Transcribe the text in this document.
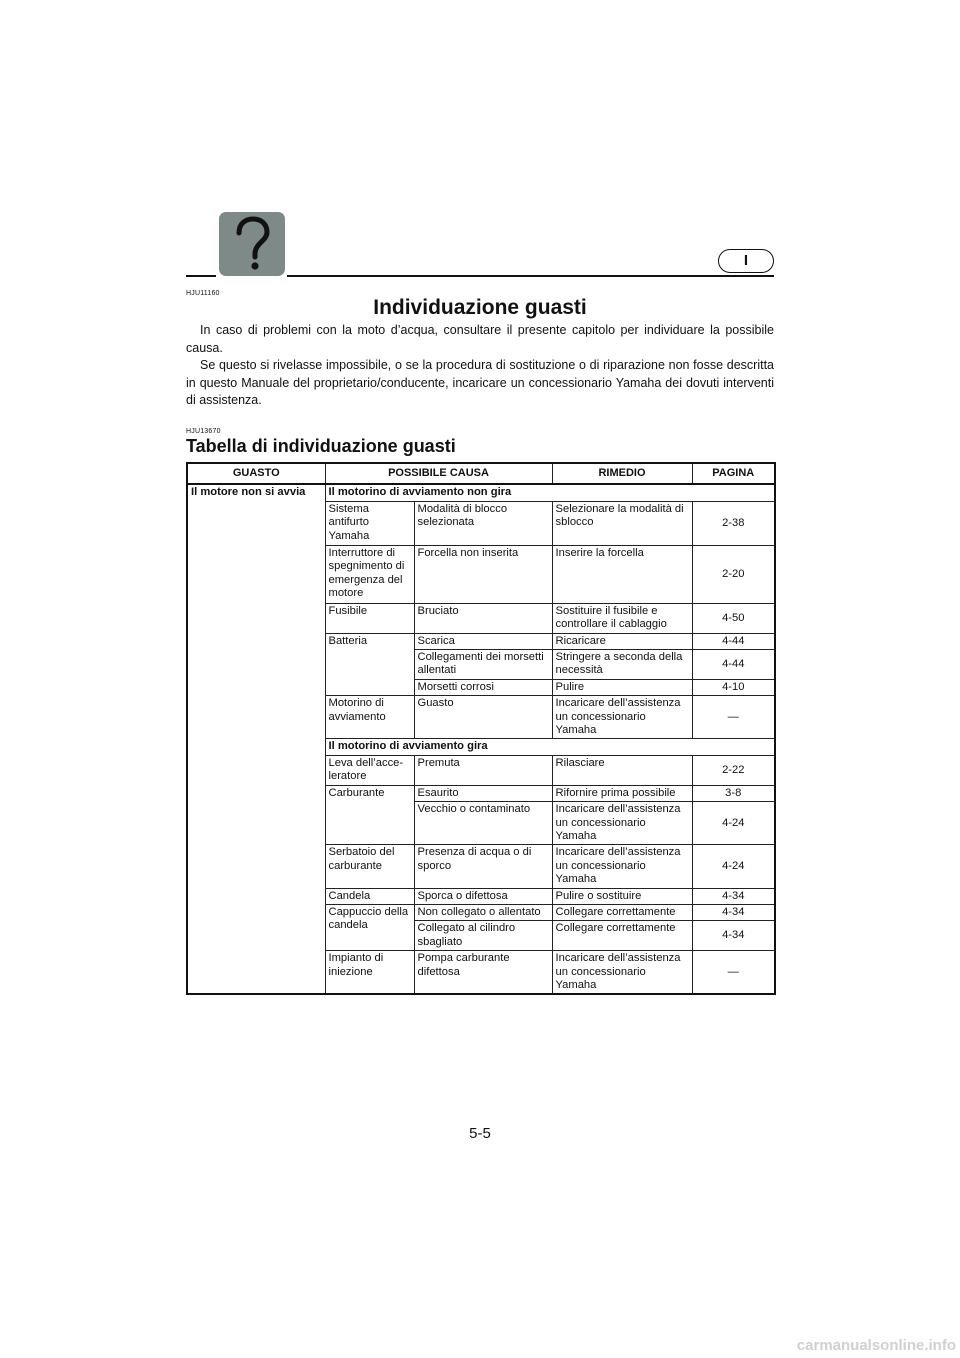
I
HJU11160
Individuazione guasti

In caso di problemi con la moto d’acqua, consultare il presente capitolo per individuare la possibile causa.

Se questo si rivelasse impossibile, o se la procedura di sostituzione o di riparazione non fosse descritta in questo Manuale del proprietario/conducente, incaricare un concessionario Yamaha dei dovuti interventi di assistenza.

HJU13670
Tabella di individuazione guasti
GUASTO	POSSIBILE CAUSA		RIMEDIO	PAGINA
Il motore non si avvia	Il motorino di avviamento non gira			
	Sistema antifurto Yamaha	Modalità di blocco selezionata	Selezionare la modalità di sblocco	2-38
	Interruttore di spegnimento di emergenza del motore	Forcella non inserita	Inserire la forcella	2-20
	Fusibile	Bruciato	Sostituire il fusibile e controllare il cablaggio	4-50
	Batteria	Scarica	Ricaricare	4-44
		Collegamenti dei morsetti allentati	Stringere a seconda della necessità	4-44
		Morsetti corrosi	Pulire	4-10
	Motorino di avviamento	Guasto	Incaricare dell’assistenza un concessionario Yamaha	—
	Il motorino di avviamento gira			
	Leva dell’acce-leratore	Premuta	Rilasciare	2-22
	Carburante	Esaurito	Rifornire prima possibile	3-8
		Vecchio o contaminato	Incaricare dell’assistenza un concessionario Yamaha	4-24
	Serbatoio del carburante	Presenza di acqua o di sporco	Incaricare dell’assistenza un concessionario Yamaha	4-24
	Candela	Sporca o difettosa	Pulire o sostituire	4-34
	Cappuccio della candela	Non collegato o allentato	Collegare correttamente	4-34
		Collegato al cilindro sbagliato	Collegare correttamente	4-34
	Impianto di iniezione	Pompa carburante difettosa	Incaricare dell’assistenza un concessionario Yamaha	—
5-5
carmanualsonline.info
